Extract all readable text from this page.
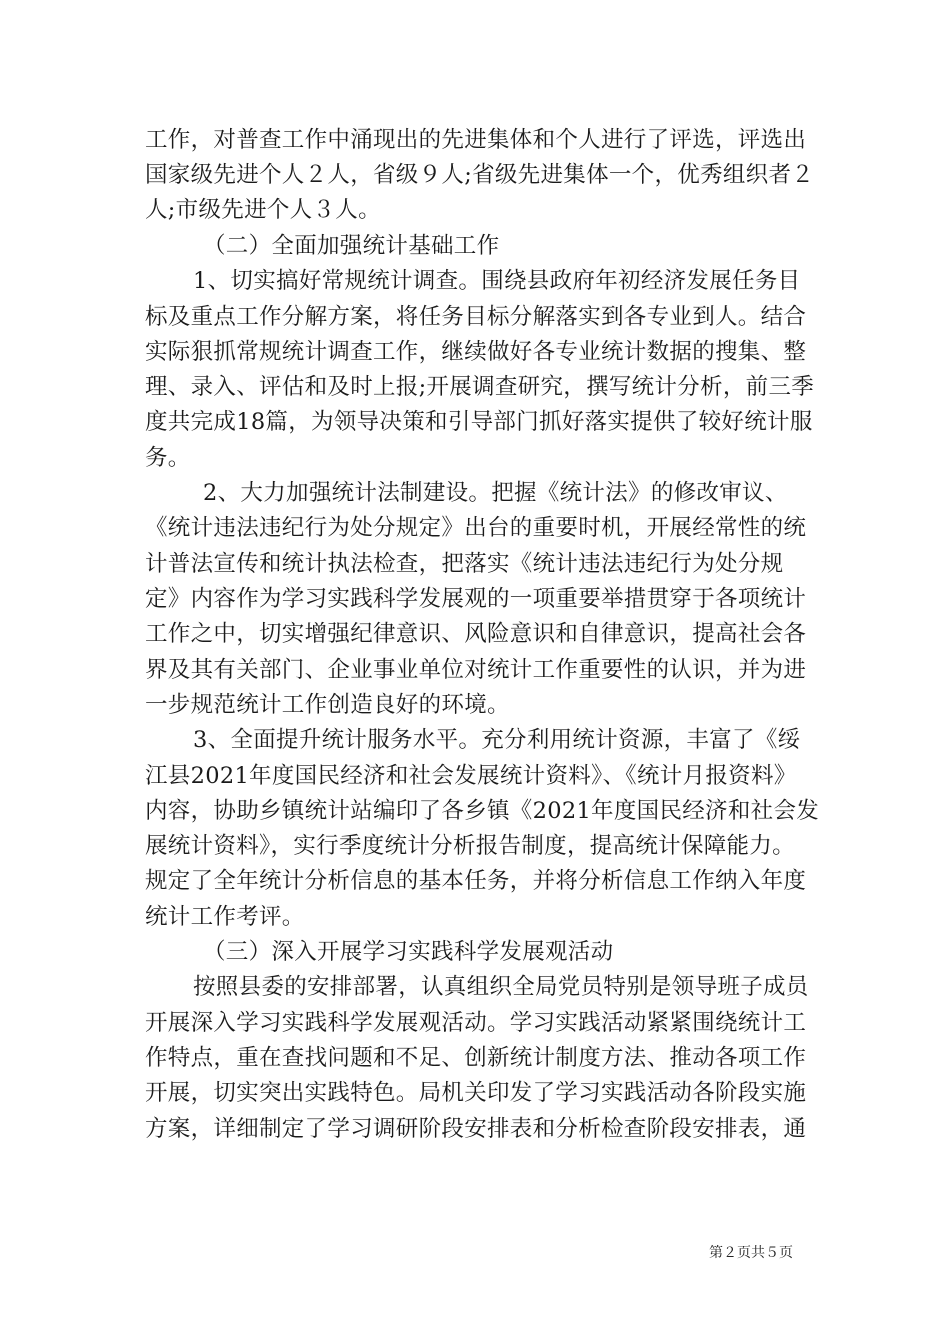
工作，对普查工作中涌现出的先进集体和个人进行了评选，评选出
国家级先进个人２人，省级９人;省级先进集体一个，优秀组织者２
人;市级先进个人３人。
（二）全面加强统计基础工作
1、切实搞好常规统计调查。围绕县政府年初经济发展任务目
标及重点工作分解方案，将任务目标分解落实到各专业到人。结合
实际狠抓常规统计调查工作，继续做好各专业统计数据的搜集、整
理、录入、评估和及时上报;开展调查研究，撰写统计分析，前三季
度共完成18篇，为领导决策和引导部门抓好落实提供了较好统计服
务。
2、大力加强统计法制建设。把握《统计法》的修改审议、
《统计违法违纪行为处分规定》出台的重要时机，开展经常性的统
计普法宣传和统计执法检查，把落实《统计违法违纪行为处分规
定》内容作为学习实践科学发展观的一项重要举措贯穿于各项统计
工作之中，切实增强纪律意识、风险意识和自律意识，提高社会各
界及其有关部门、企业事业单位对统计工作重要性的认识，并为进
一步规范统计工作创造良好的环境。
3、全面提升统计服务水平。充分利用统计资源，丰富了《绥
江县2021年度国民经济和社会发展统计资料》、《统计月报资料》
内容，协助乡镇统计站编印了各乡镇《2021年度国民经济和社会发
展统计资料》，实行季度统计分析报告制度，提高统计保障能力。
规定了全年统计分析信息的基本任务，并将分析信息工作纳入年度
统计工作考评。
（三）深入开展学习实践科学发展观活动
按照县委的安排部署，认真组织全局党员特别是领导班子成员
开展深入学习实践科学发展观活动。学习实践活动紧紧围绕统计工
作特点，重在查找问题和不足、创新统计制度方法、推动各项工作
开展，切实突出实践特色。局机关印发了学习实践活动各阶段实施
方案，详细制定了学习调研阶段安排表和分析检查阶段安排表，通
第２页共５页
